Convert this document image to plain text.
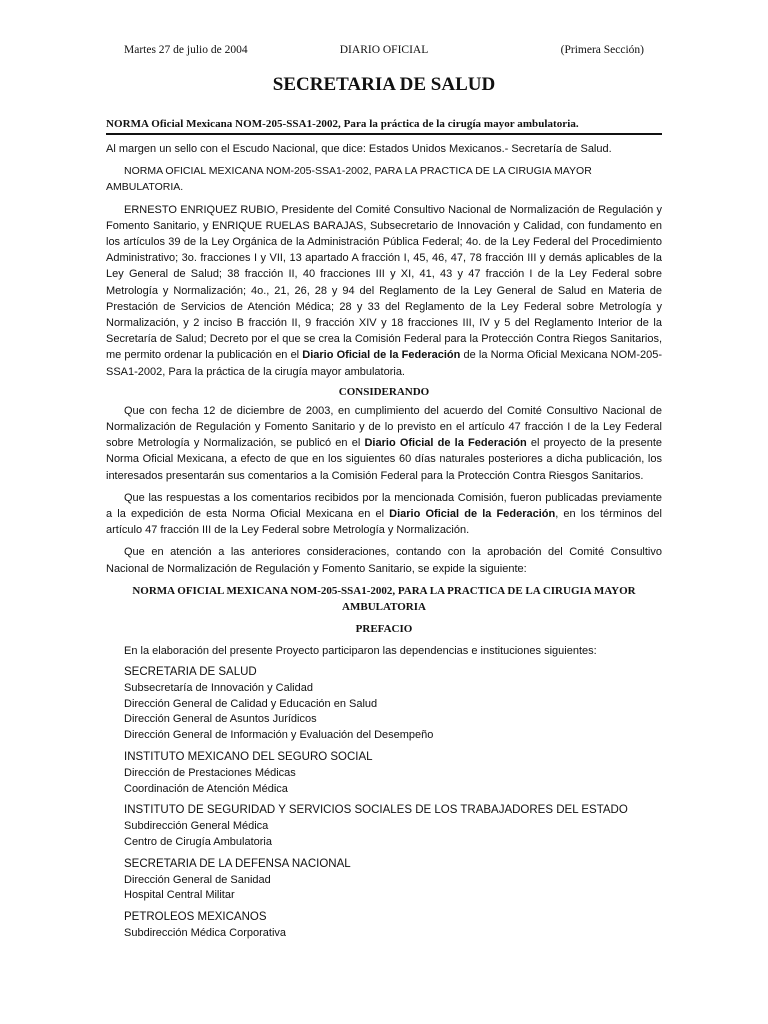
Martes 27 de julio de 2004	DIARIO OFICIAL	(Primera Sección)
SECRETARIA DE SALUD

NORMA Oficial Mexicana NOM-205-SSA1-2002, Para la práctica de la cirugía mayor ambulatoria.

Al margen un sello con el Escudo Nacional, que dice: Estados Unidos Mexicanos.- Secretaría de Salud.

NORMA OFICIAL MEXICANA NOM-205-SSA1-2002, PARA LA PRACTICA DE LA CIRUGIA MAYOR AMBULATORIA.

ERNESTO ENRIQUEZ RUBIO, Presidente del Comité Consultivo Nacional de Normalización de Regulación y Fomento Sanitario, y ENRIQUE RUELAS BARAJAS, Subsecretario de Innovación y Calidad, con fundamento en los artículos 39 de la Ley Orgánica de la Administración Pública Federal; 4o. de la Ley Federal del Procedimiento Administrativo; 3o. fracciones I y VII, 13 apartado A fracción I, 45, 46, 47, 78 fracción III y demás aplicables de la Ley General de Salud; 38 fracción II, 40 fracciones III y XI, 41, 43 y 47 fracción I de la Ley Federal sobre Metrología y Normalización; 4o., 21, 26, 28 y 94 del Reglamento de la Ley General de Salud en Materia de Prestación de Servicios de Atención Médica; 28 y 33 del Reglamento de la Ley Federal sobre Metrología y Normalización, y 2 inciso B fracción II, 9 fracción XIV y 18 fracciones III, IV y 5 del Reglamento Interior de la Secretaría de Salud; Decreto por el que se crea la Comisión Federal para la Protección Contra Riegos Sanitarios, me permito ordenar la publicación en el Diario Oficial de la Federación de la Norma Oficial Mexicana NOM-205-SSA1-2002, Para la práctica de la cirugía mayor ambulatoria.

CONSIDERANDO

Que con fecha 12 de diciembre de 2003, en cumplimiento del acuerdo del Comité Consultivo Nacional de Normalización de Regulación y Fomento Sanitario y de lo previsto en el artículo 47 fracción I de la Ley Federal sobre Metrología y Normalización, se publicó en el Diario Oficial de la Federación el proyecto de la presente Norma Oficial Mexicana, a efecto de que en los siguientes 60 días naturales posteriores a dicha publicación, los interesados presentarán sus comentarios a la Comisión Federal para la Protección Contra Riesgos Sanitarios.

Que las respuestas a los comentarios recibidos por la mencionada Comisión, fueron publicadas previamente a la expedición de esta Norma Oficial Mexicana en el Diario Oficial de la Federación, en los términos del artículo 47 fracción III de la Ley Federal sobre Metrología y Normalización.

Que en atención a las anteriores consideraciones, contando con la aprobación del Comité Consultivo Nacional de Normalización de Regulación y Fomento Sanitario, se expide la siguiente:

NORMA OFICIAL MEXICANA NOM-205-SSA1-2002, PARA LA PRACTICA DE LA CIRUGIA MAYOR AMBULATORIA

PREFACIO

En la elaboración del presente Proyecto participaron las dependencias e instituciones siguientes:

SECRETARIA DE SALUD
Subsecretaría de Innovación y Calidad
Dirección General de Calidad y Educación en Salud
Dirección General de Asuntos Jurídicos
Dirección General de Información y Evaluación del Desempeño
INSTITUTO MEXICANO DEL SEGURO SOCIAL
Dirección de Prestaciones Médicas
Coordinación de Atención Médica
INSTITUTO DE SEGURIDAD Y SERVICIOS SOCIALES DE LOS TRABAJADORES DEL ESTADO
Subdirección General Médica
Centro de Cirugía Ambulatoria
SECRETARIA DE LA DEFENSA NACIONAL
Dirección General de Sanidad
Hospital Central Militar
PETROLEOS MEXICANOS
Subdirección Médica Corporativa
